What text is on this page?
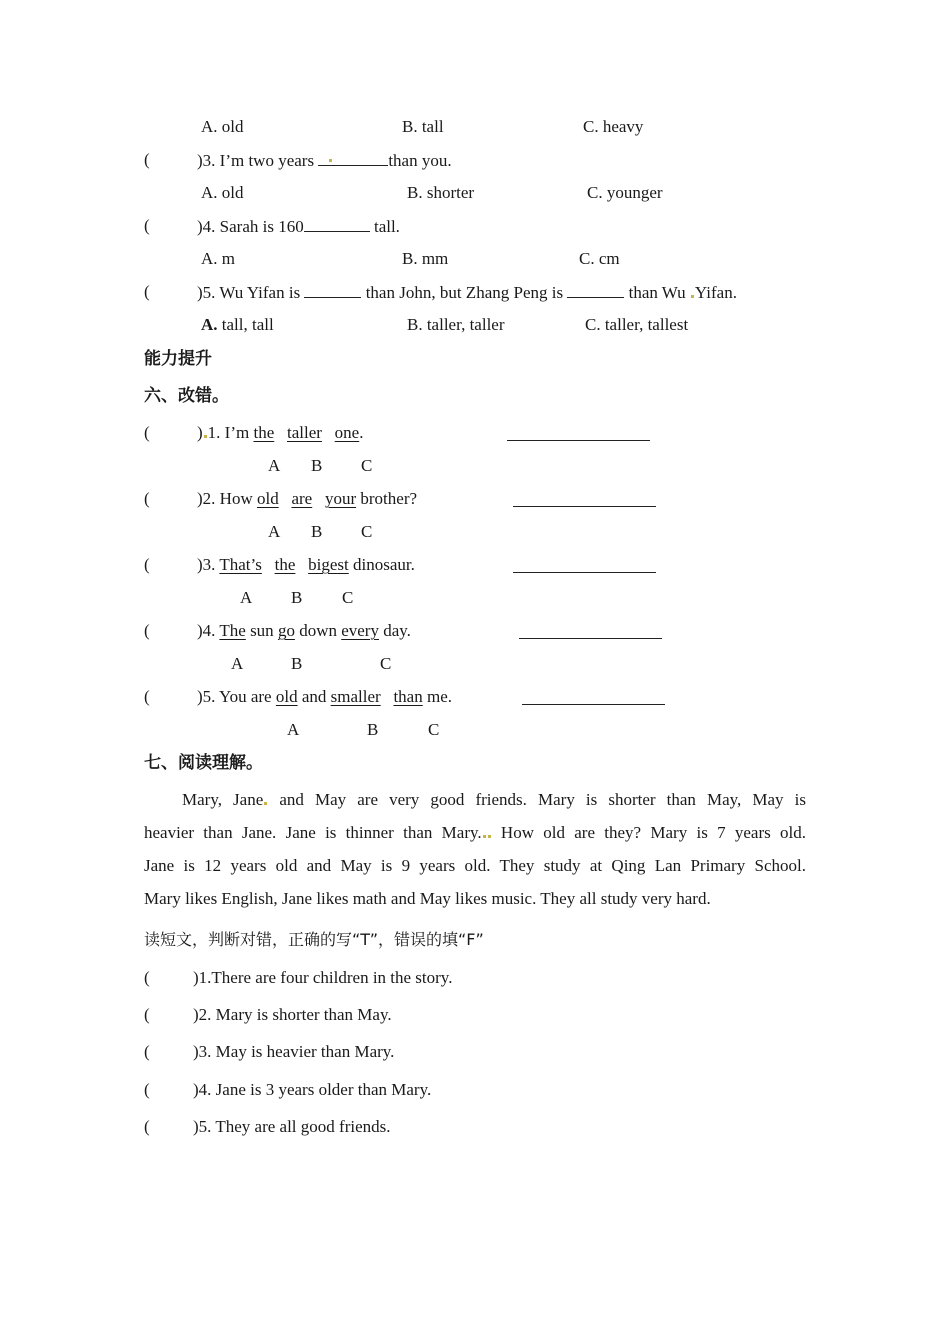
A. old	B. tall	C. heavy
(	)3. I’m two years	than you.
A. old	B. shorter	C. younger
(	)4. Sarah is 160	tall.
A. m	B. mm	C. cm
(	)5. Wu Yifan is	than John, but Zhang Peng is	than Wu Yifan.
A. tall, tall	B. taller, taller	C. taller, tallest
能力提升
六、改错。
(	) 1. I’m the taller one.
A B C
(	)2. How old are your brother?
A B C
(	)3. That’s the bigest dinosaur.
A B C
(	)4. The sun go down every day.
A	B	C
(	)5. You are old and smaller than me.
A	B	C
七、阅读理解。
Mary, Jane and May are very good friends. Mary is shorter than May, May is
heavier than Jane. Jane is thinner than Mary. How old are they? Mary is 7 years old.
Jane is 12 years old and May is 9 years old. They study at Qing Lan Primary School.
Mary likes English, Jane likes math and May likes music. They all study very hard.
读短文，判断对错，正确的写“T”，错误的填“F”
(	)1.There are four children in the story.
(	)2. Mary is shorter than May.
(	)3. May is heavier than Mary.
(	)4. Jane is 3 years older than Mary.
(	)5. They are all good friends.
